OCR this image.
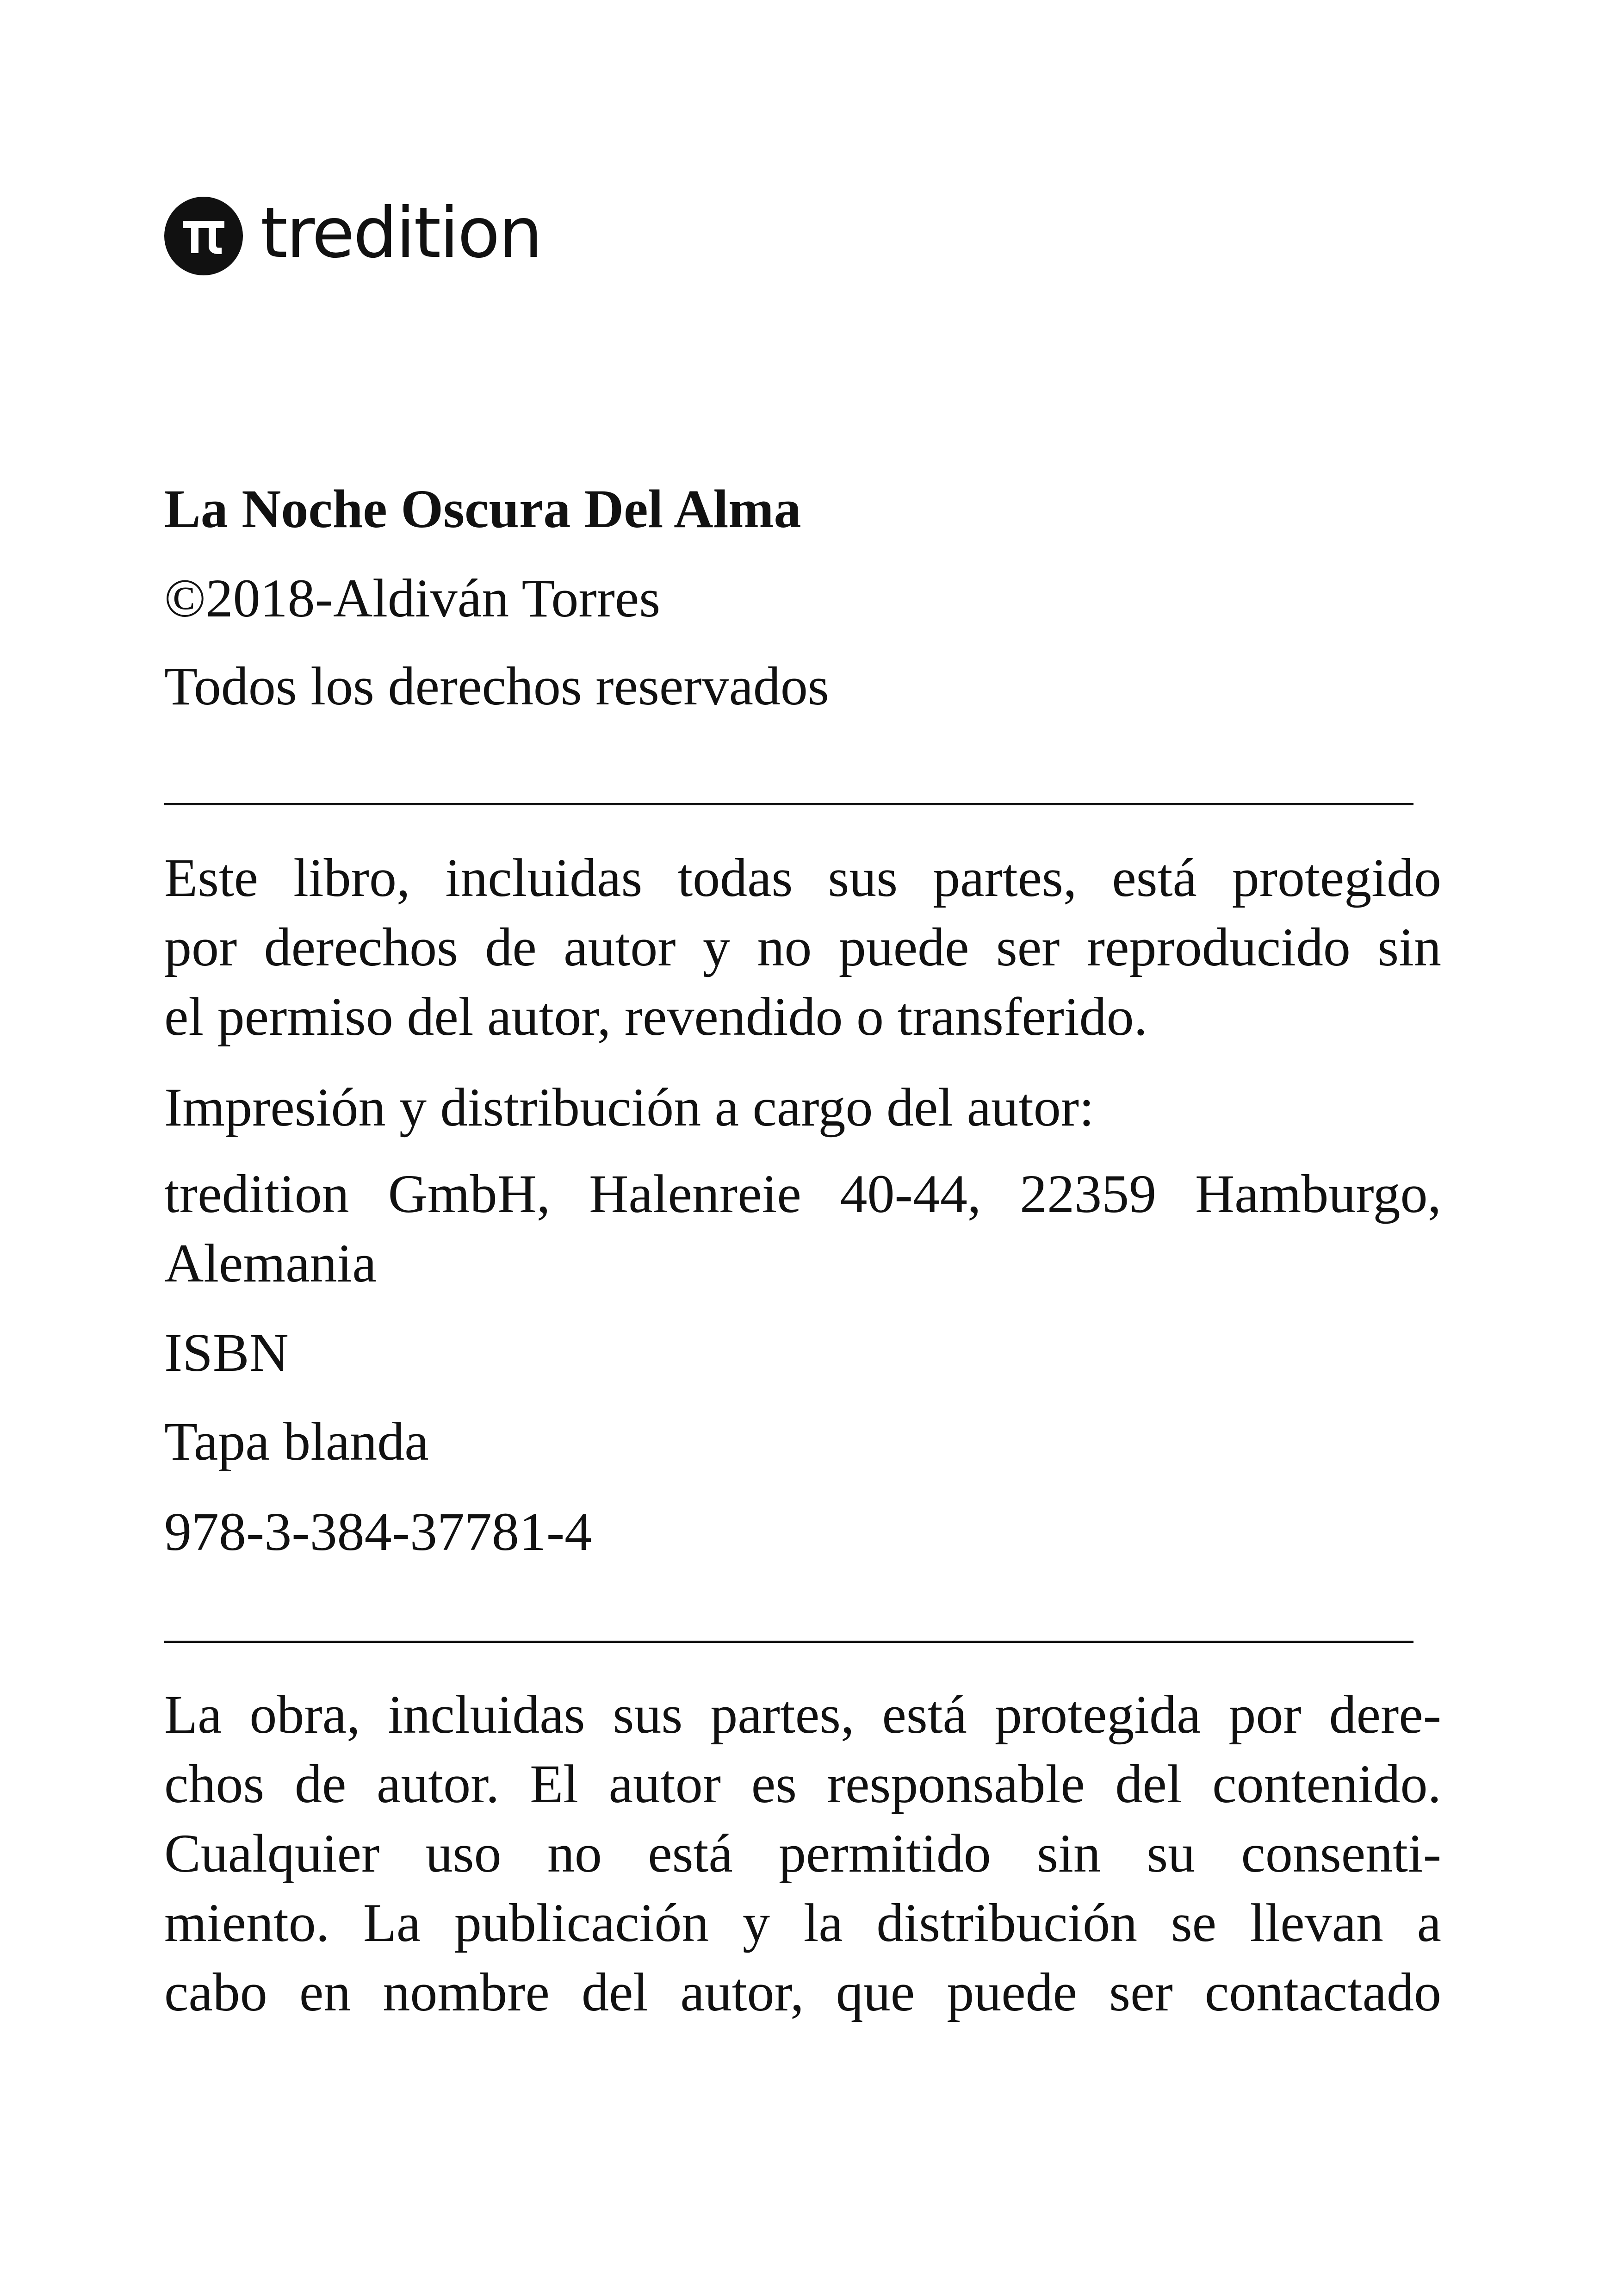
tredition
La Noche Oscura Del Alma
©2018-Aldiván Torres
Todos los derechos reservados
Este libro, incluidas todas sus partes, está protegido
por derechos de autor y no puede ser reproducido sin
el permiso del autor, revendido o transferido.
Impresión y distribución a cargo del autor:
tredition GmbH, Halenreie 40-44, 22359 Hamburgo,
Alemania
ISBN
Tapa blanda
978-3-384-37781-4
La obra, incluidas sus partes, está protegida por dere-
chos de autor. El autor es responsable del contenido.
Cualquier uso no está permitido sin su consenti-
miento. La publicación y la distribución se llevan a
cabo en nombre del autor, que puede ser contactado
